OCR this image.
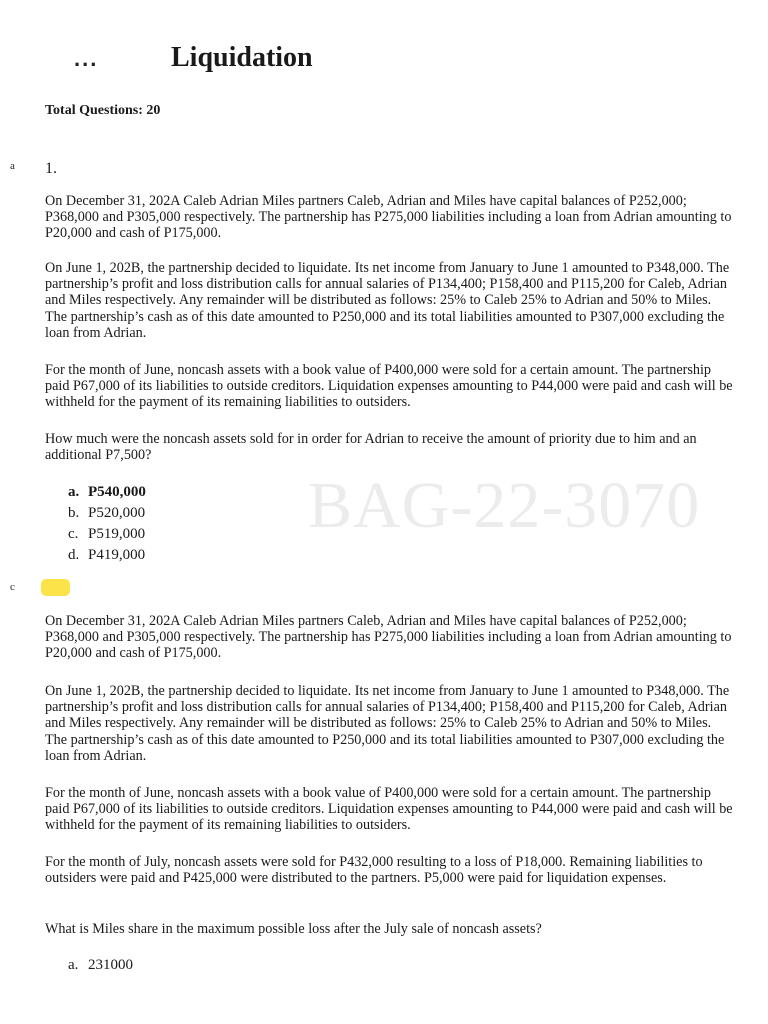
...	Liquidation
Total Questions: 20
BAG-22-3070
a 1.

On December 31, 202A Caleb Adrian Miles partners Caleb, Adrian and Miles have capital balances of P252,000; P368,000 and P305,000 respectively. The partnership has P275,000 liabilities including a loan from Adrian amounting to P20,000 and cash of P175,000.

On June 1, 202B, the partnership decided to liquidate. Its net income from January to June 1 amounted to P348,000. The partnership’s profit and loss distribution calls for annual salaries of P134,400; P158,400 and P115,200 for Caleb, Adrian and Miles respectively. Any remainder will be distributed as follows: 25% to Caleb 25% to Adrian and 50% to Miles. The partnership’s cash as of this date amounted to P250,000 and its total liabilities amounted to P307,000 excluding the loan from Adrian.

For the month of June, noncash assets with a book value of P400,000 were sold for a certain amount. The partnership paid P67,000 of its liabilities to outside creditors. Liquidation expenses amounting to P44,000 were paid and cash will be withheld for the payment of its remaining liabilities to outsiders.

How much were the noncash assets sold for in order for Adrian to receive the amount of priority due to him and an additional P7,500?

a. P540,000
b. P520,000
c. P519,000
d. P419,000
c

On December 31, 202A Caleb Adrian Miles partners Caleb, Adrian and Miles have capital balances of P252,000; P368,000 and P305,000 respectively. The partnership has P275,000 liabilities including a loan from Adrian amounting to P20,000 and cash of P175,000.

On June 1, 202B, the partnership decided to liquidate. Its net income from January to June 1 amounted to P348,000. The partnership’s profit and loss distribution calls for annual salaries of P134,400; P158,400 and P115,200 for Caleb, Adrian and Miles respectively. Any remainder will be distributed as follows: 25% to Caleb 25% to Adrian and 50% to Miles. The partnership’s cash as of this date amounted to P250,000 and its total liabilities amounted to P307,000 excluding the loan from Adrian.

For the month of June, noncash assets with a book value of P400,000 were sold for a certain amount. The partnership paid P67,000 of its liabilities to outside creditors. Liquidation expenses amounting to P44,000 were paid and cash will be withheld for the payment of its remaining liabilities to outsiders.

For the month of July, noncash assets were sold for P432,000 resulting to a loss of P18,000. Remaining liabilities to outsiders were paid and P425,000 were distributed to the partners. P5,000 were paid for liquidation expenses.

What is Miles share in the maximum possible loss after the July sale of noncash assets?

a. 231000
